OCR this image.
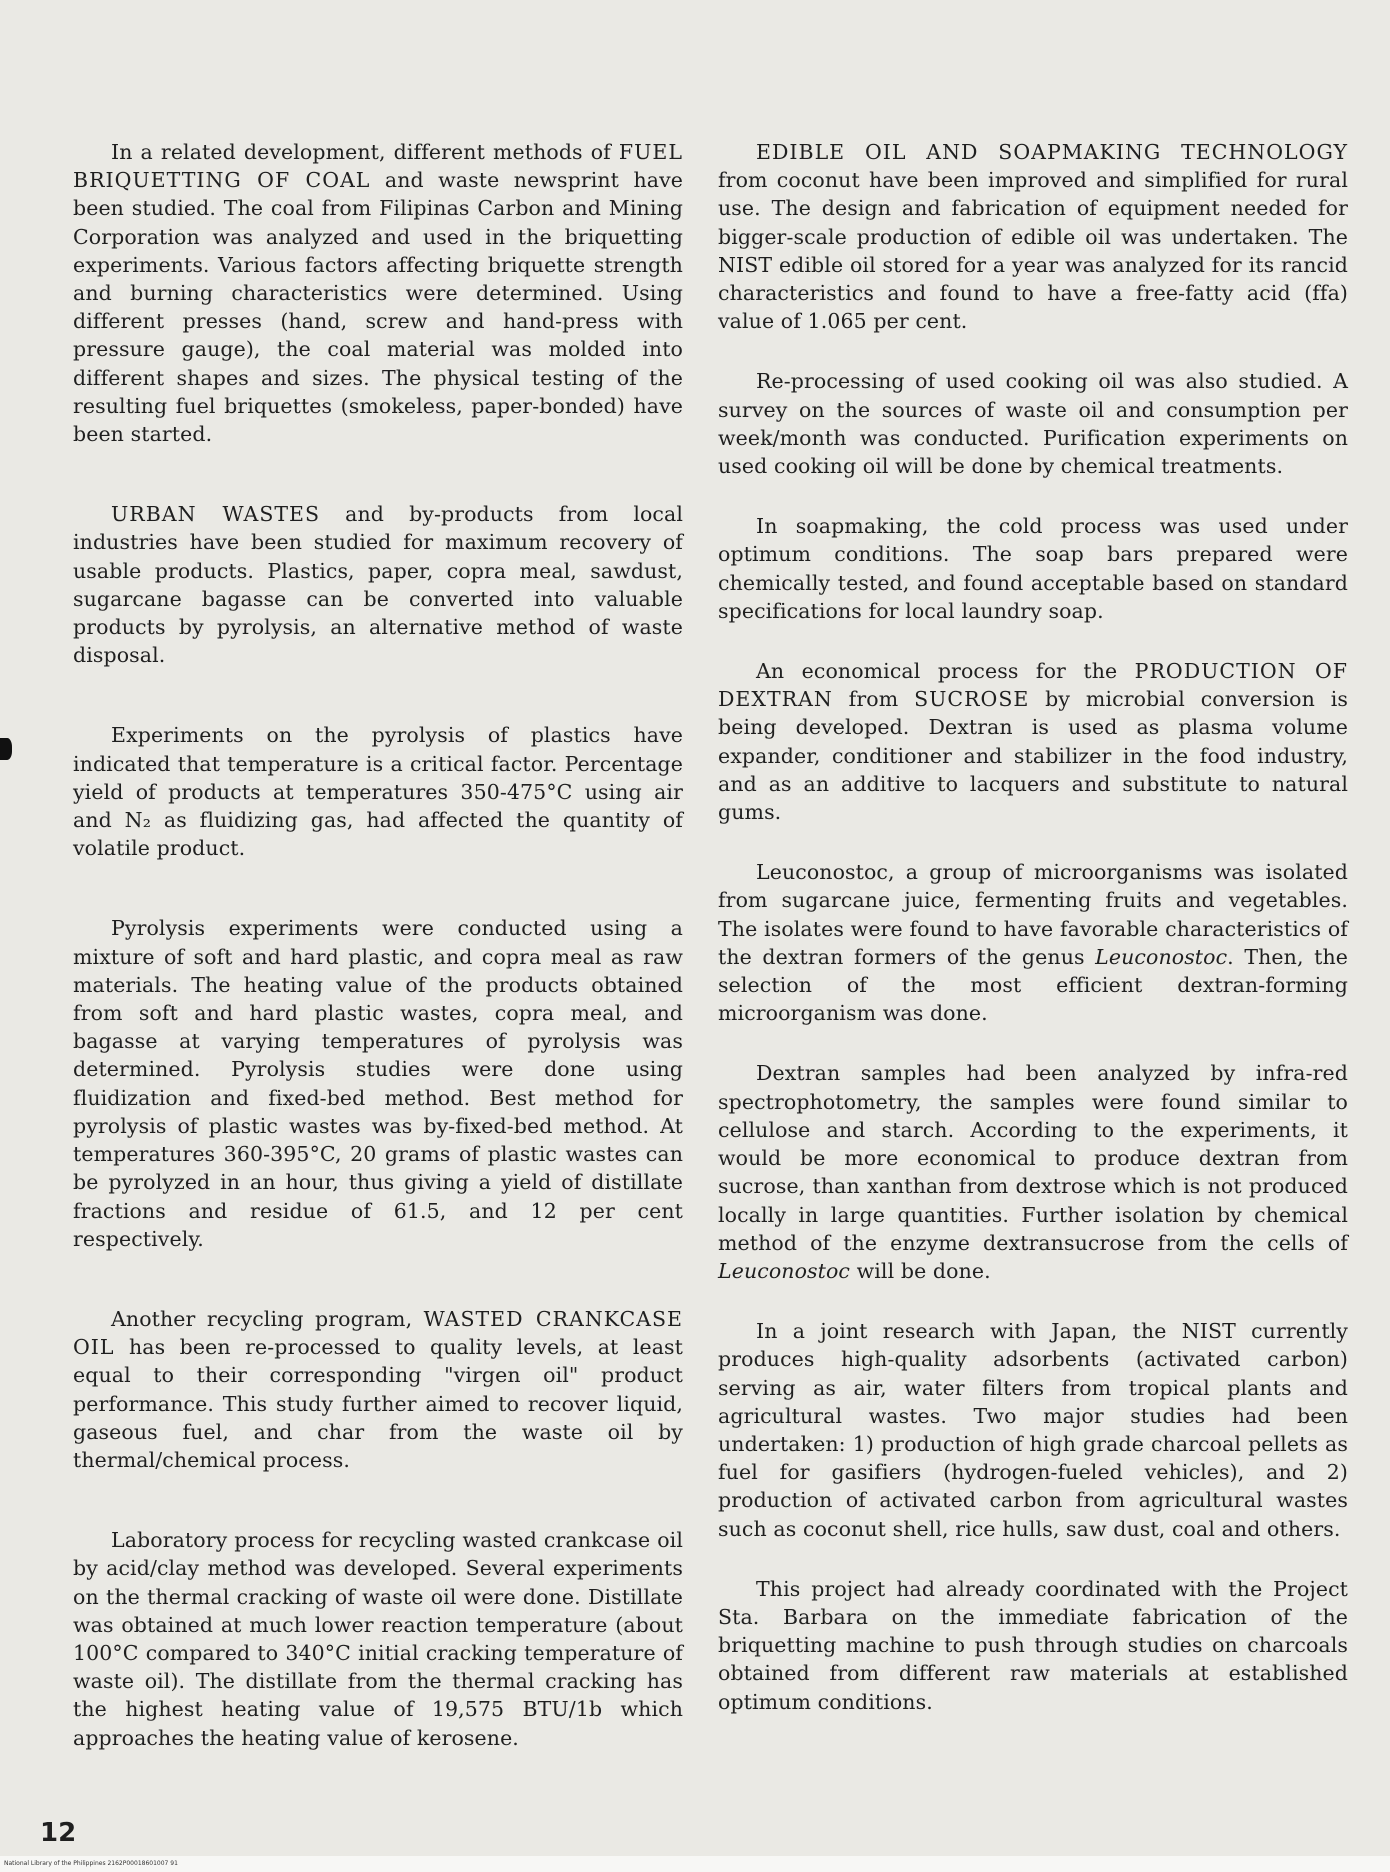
In a related development, different methods of FUEL BRIQUETTING OF COAL and waste newsprint have been studied. The coal from Filipinas Carbon and Mining Corporation was analyzed and used in the briquetting experiments. Various factors affecting briquette strength and burning characteristics were determined. Using different presses (hand, screw and hand-press with pressure gauge), the coal material was molded into different shapes and sizes. The physical testing of the resulting fuel briquettes (smokeless, paper-bonded) have been started.

URBAN WASTES and by-products from local industries have been studied for maximum recovery of usable products. Plastics, paper, copra meal, sawdust, sugarcane bagasse can be converted into valuable products by pyrolysis, an alternative method of waste disposal.

Experiments on the pyrolysis of plastics have indicated that temperature is a critical factor. Percentage yield of products at temperatures 350-475°C using air and N₂ as fluidizing gas, had affected the quantity of volatile product.

Pyrolysis experiments were conducted using a mixture of soft and hard plastic, and copra meal as raw materials. The heating value of the products obtained from soft and hard plastic wastes, copra meal, and bagasse at varying temperatures of pyrolysis was determined. Pyrolysis studies were done using fluidization and fixed-bed method. Best method for pyrolysis of plastic wastes was by-fixed-bed method. At temperatures 360-395°C, 20 grams of plastic wastes can be pyrolyzed in an hour, thus giving a yield of distillate fractions and residue of 61.5, and 12 per cent respectively.

Another recycling program, WASTED CRANKCASE OIL has been re-processed to quality levels, at least equal to their corresponding "virgen oil" product performance. This study further aimed to recover liquid, gaseous fuel, and char from the waste oil by thermal/chemical process.

Laboratory process for recycling wasted crankcase oil by acid/clay method was developed. Several experiments on the thermal cracking of waste oil were done. Distillate was obtained at much lower reaction temperature (about 100°C compared to 340°C initial cracking temperature of waste oil). The distillate from the thermal cracking has the highest heating value of 19,575 BTU/1b which approaches the heating value of kerosene.

EDIBLE OIL AND SOAPMAKING TECHNOLOGY from coconut have been improved and simplified for rural use. The design and fabrication of equipment needed for bigger-scale production of edible oil was undertaken. The NIST edible oil stored for a year was analyzed for its rancid characteristics and found to have a free-fatty acid (ffa) value of 1.065 per cent.

Re-processing of used cooking oil was also studied. A survey on the sources of waste oil and consumption per week/month was conducted. Purification experiments on used cooking oil will be done by chemical treatments.

In soapmaking, the cold process was used under optimum conditions. The soap bars prepared were chemically tested, and found acceptable based on standard specifications for local laundry soap.

An economical process for the PRODUCTION OF DEXTRAN from SUCROSE by microbial conversion is being developed. Dextran is used as plasma volume expander, conditioner and stabilizer in the food industry, and as an additive to lacquers and substitute to natural gums.

Leuconostoc, a group of microorganisms was isolated from sugarcane juice, fermenting fruits and vegetables. The isolates were found to have favorable characteristics of the dextran formers of the genus Leuconostoc. Then, the selection of the most efficient dextran-forming microorganism was done.

Dextran samples had been analyzed by infra-red spectrophotometry, the samples were found similar to cellulose and starch. According to the experiments, it would be more economical to produce dextran from sucrose, than xanthan from dextrose which is not produced locally in large quantities. Further isolation by chemical method of the enzyme dextransucrose from the cells of Leuconostoc will be done.

In a joint research with Japan, the NIST currently produces high-quality adsorbents (activated carbon) serving as air, water filters from tropical plants and agricultural wastes. Two major studies had been undertaken: 1) production of high grade charcoal pellets as fuel for gasifiers (hydrogen-fueled vehicles), and 2) production of activated carbon from agricultural wastes such as coconut shell, rice hulls, saw dust, coal and others.

This project had already coordinated with the Project Sta. Barbara on the immediate fabrication of the briquetting machine to push through studies on charcoals obtained from different raw materials at established optimum conditions.

12
National Library of the Philippines 2162P00018601007 91
